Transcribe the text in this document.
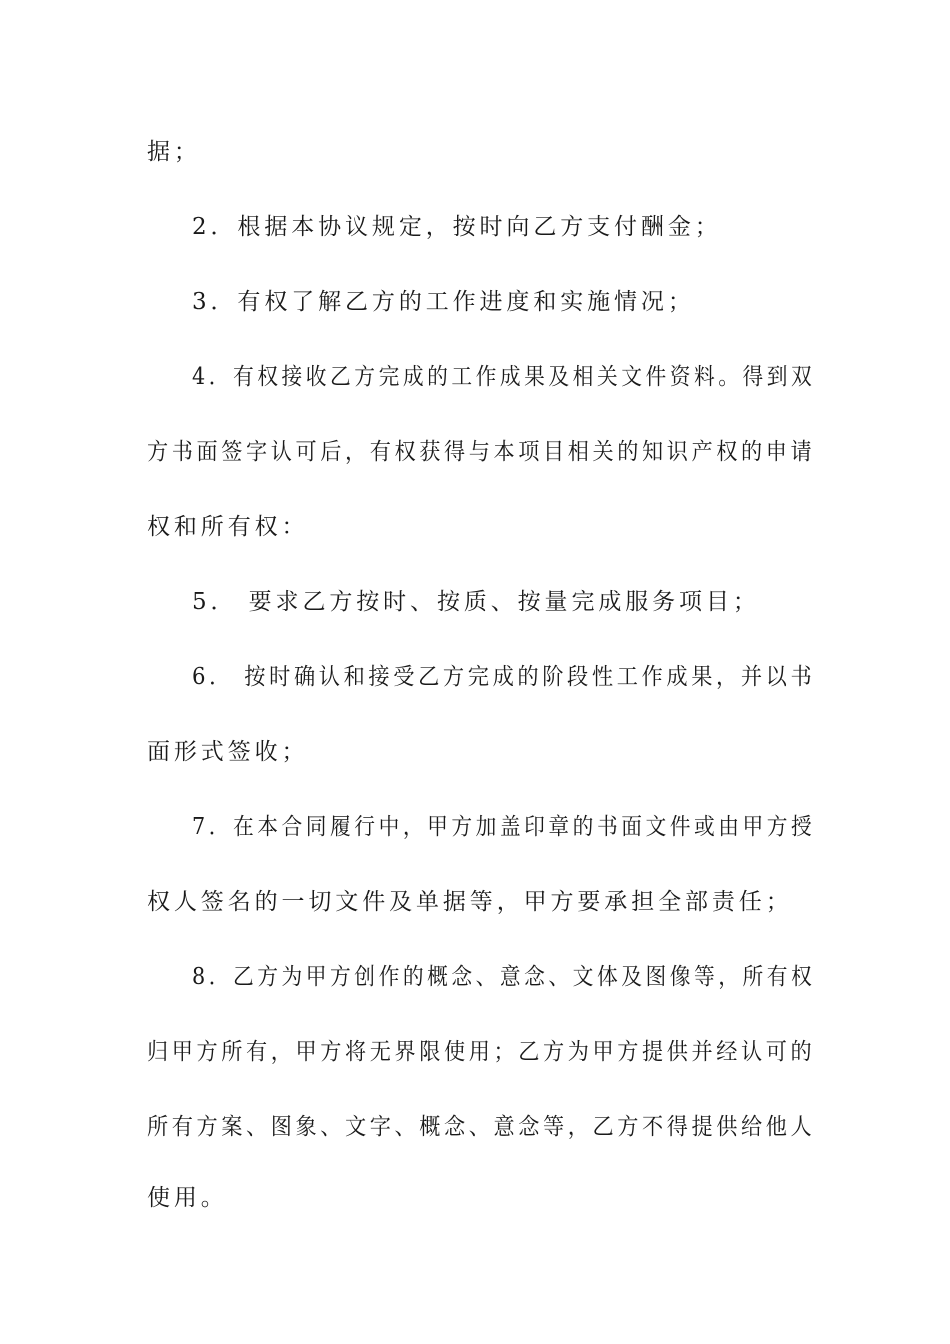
据；
2．根据本协议规定，按时向乙方支付酬金；
3．有权了解乙方的工作进度和实施情况；
4．有权接收乙方完成的工作成果及相关文件资料。得到双
方书面签字认可后，有权获得与本项目相关的知识产权的申请
权和所有权：
5． 要求乙方按时、按质、按量完成服务项目；
6． 按时确认和接受乙方完成的阶段性工作成果，并以书
面形式签收；
7．在本合同履行中，甲方加盖印章的书面文件或由甲方授
权人签名的一切文件及单据等，甲方要承担全部责任；
8．乙方为甲方创作的概念、意念、文体及图像等，所有权
归甲方所有，甲方将无界限使用；乙方为甲方提供并经认可的
所有方案、图象、文字、概念、意念等，乙方不得提供给他人
使用。
